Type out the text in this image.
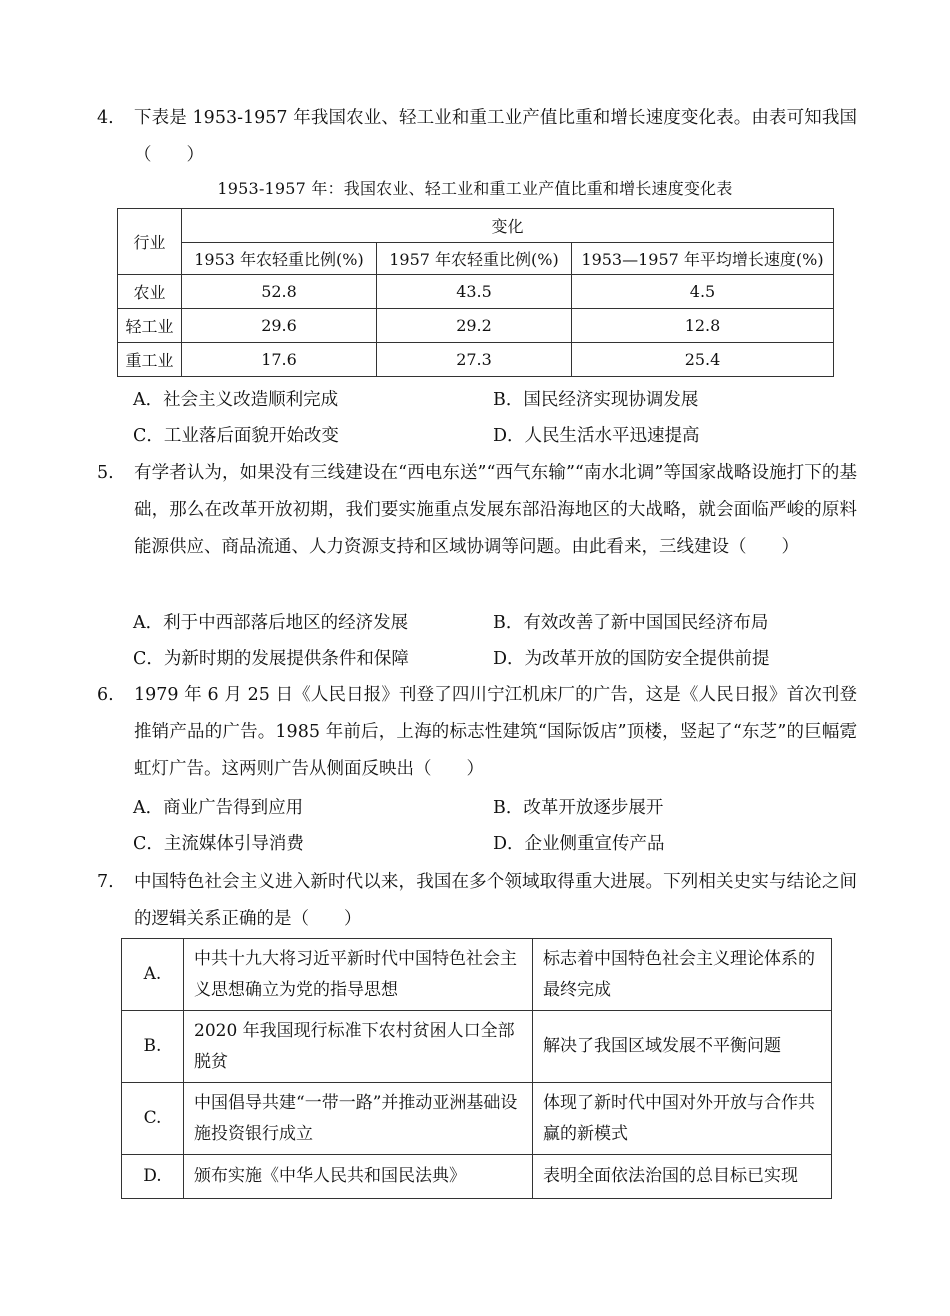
4. 下表是 1953-1957 年我国农业、轻工业和重工业产值比重和增长速度变化表。由表可知我国（　　）
1953-1957 年：我国农业、轻工业和重工业产值比重和增长速度变化表
行业	变化		
	1953 年农轻重比例(%)	1957 年农轻重比例(%)	1953—1957 年平均增长速度(%)
农业	52.8	43.5	4.5
轻工业	29.6	29.2	12.8
重工业	17.6	27.3	25.4
A．社会主义改造顺利完成	B．国民经济实现协调发展
C．工业落后面貌开始改变	D．人民生活水平迅速提高
5. 有学者认为，如果没有三线建设在“西电东送”“西气东输”“南水北调”等国家战略设施打下的基础，那么在改革开放初期，我们要实施重点发展东部沿海地区的大战略，就会面临严峻的原料能源供应、商品流通、人力资源支持和区域协调等问题。由此看来，三线建设（　　）
A．利于中西部落后地区的经济发展	B．有效改善了新中国国民经济布局
C．为新时期的发展提供条件和保障	D．为改革开放的国防安全提供前提
6. 1979 年 6 月 25 日《人民日报》刊登了四川宁江机床厂的广告，这是《人民日报》首次刊登推销产品的广告。1985 年前后，上海的标志性建筑“国际饭店”顶楼，竖起了“东芝”的巨幅霓虹灯广告。这两则广告从侧面反映出（　　）
A．商业广告得到应用	B．改革开放逐步展开
C．主流媒体引导消费	D．企业侧重宣传产品
7. 中国特色社会主义进入新时代以来，我国在多个领域取得重大进展。下列相关史实与结论之间的逻辑关系正确的是（　　）
A.	中共十九大将习近平新时代中国特色社会主义思想确立为党的指导思想	标志着中国特色社会主义理论体系的最终完成
B.	2020 年我国现行标准下农村贫困人口全部脱贫	解决了我国区域发展不平衡问题
C.	中国倡导共建“一带一路”并推动亚洲基础设施投资银行成立	体现了新时代中国对外开放与合作共赢的新模式
D.	颁布实施《中华人民共和国民法典》	表明全面依法治国的总目标已实现
